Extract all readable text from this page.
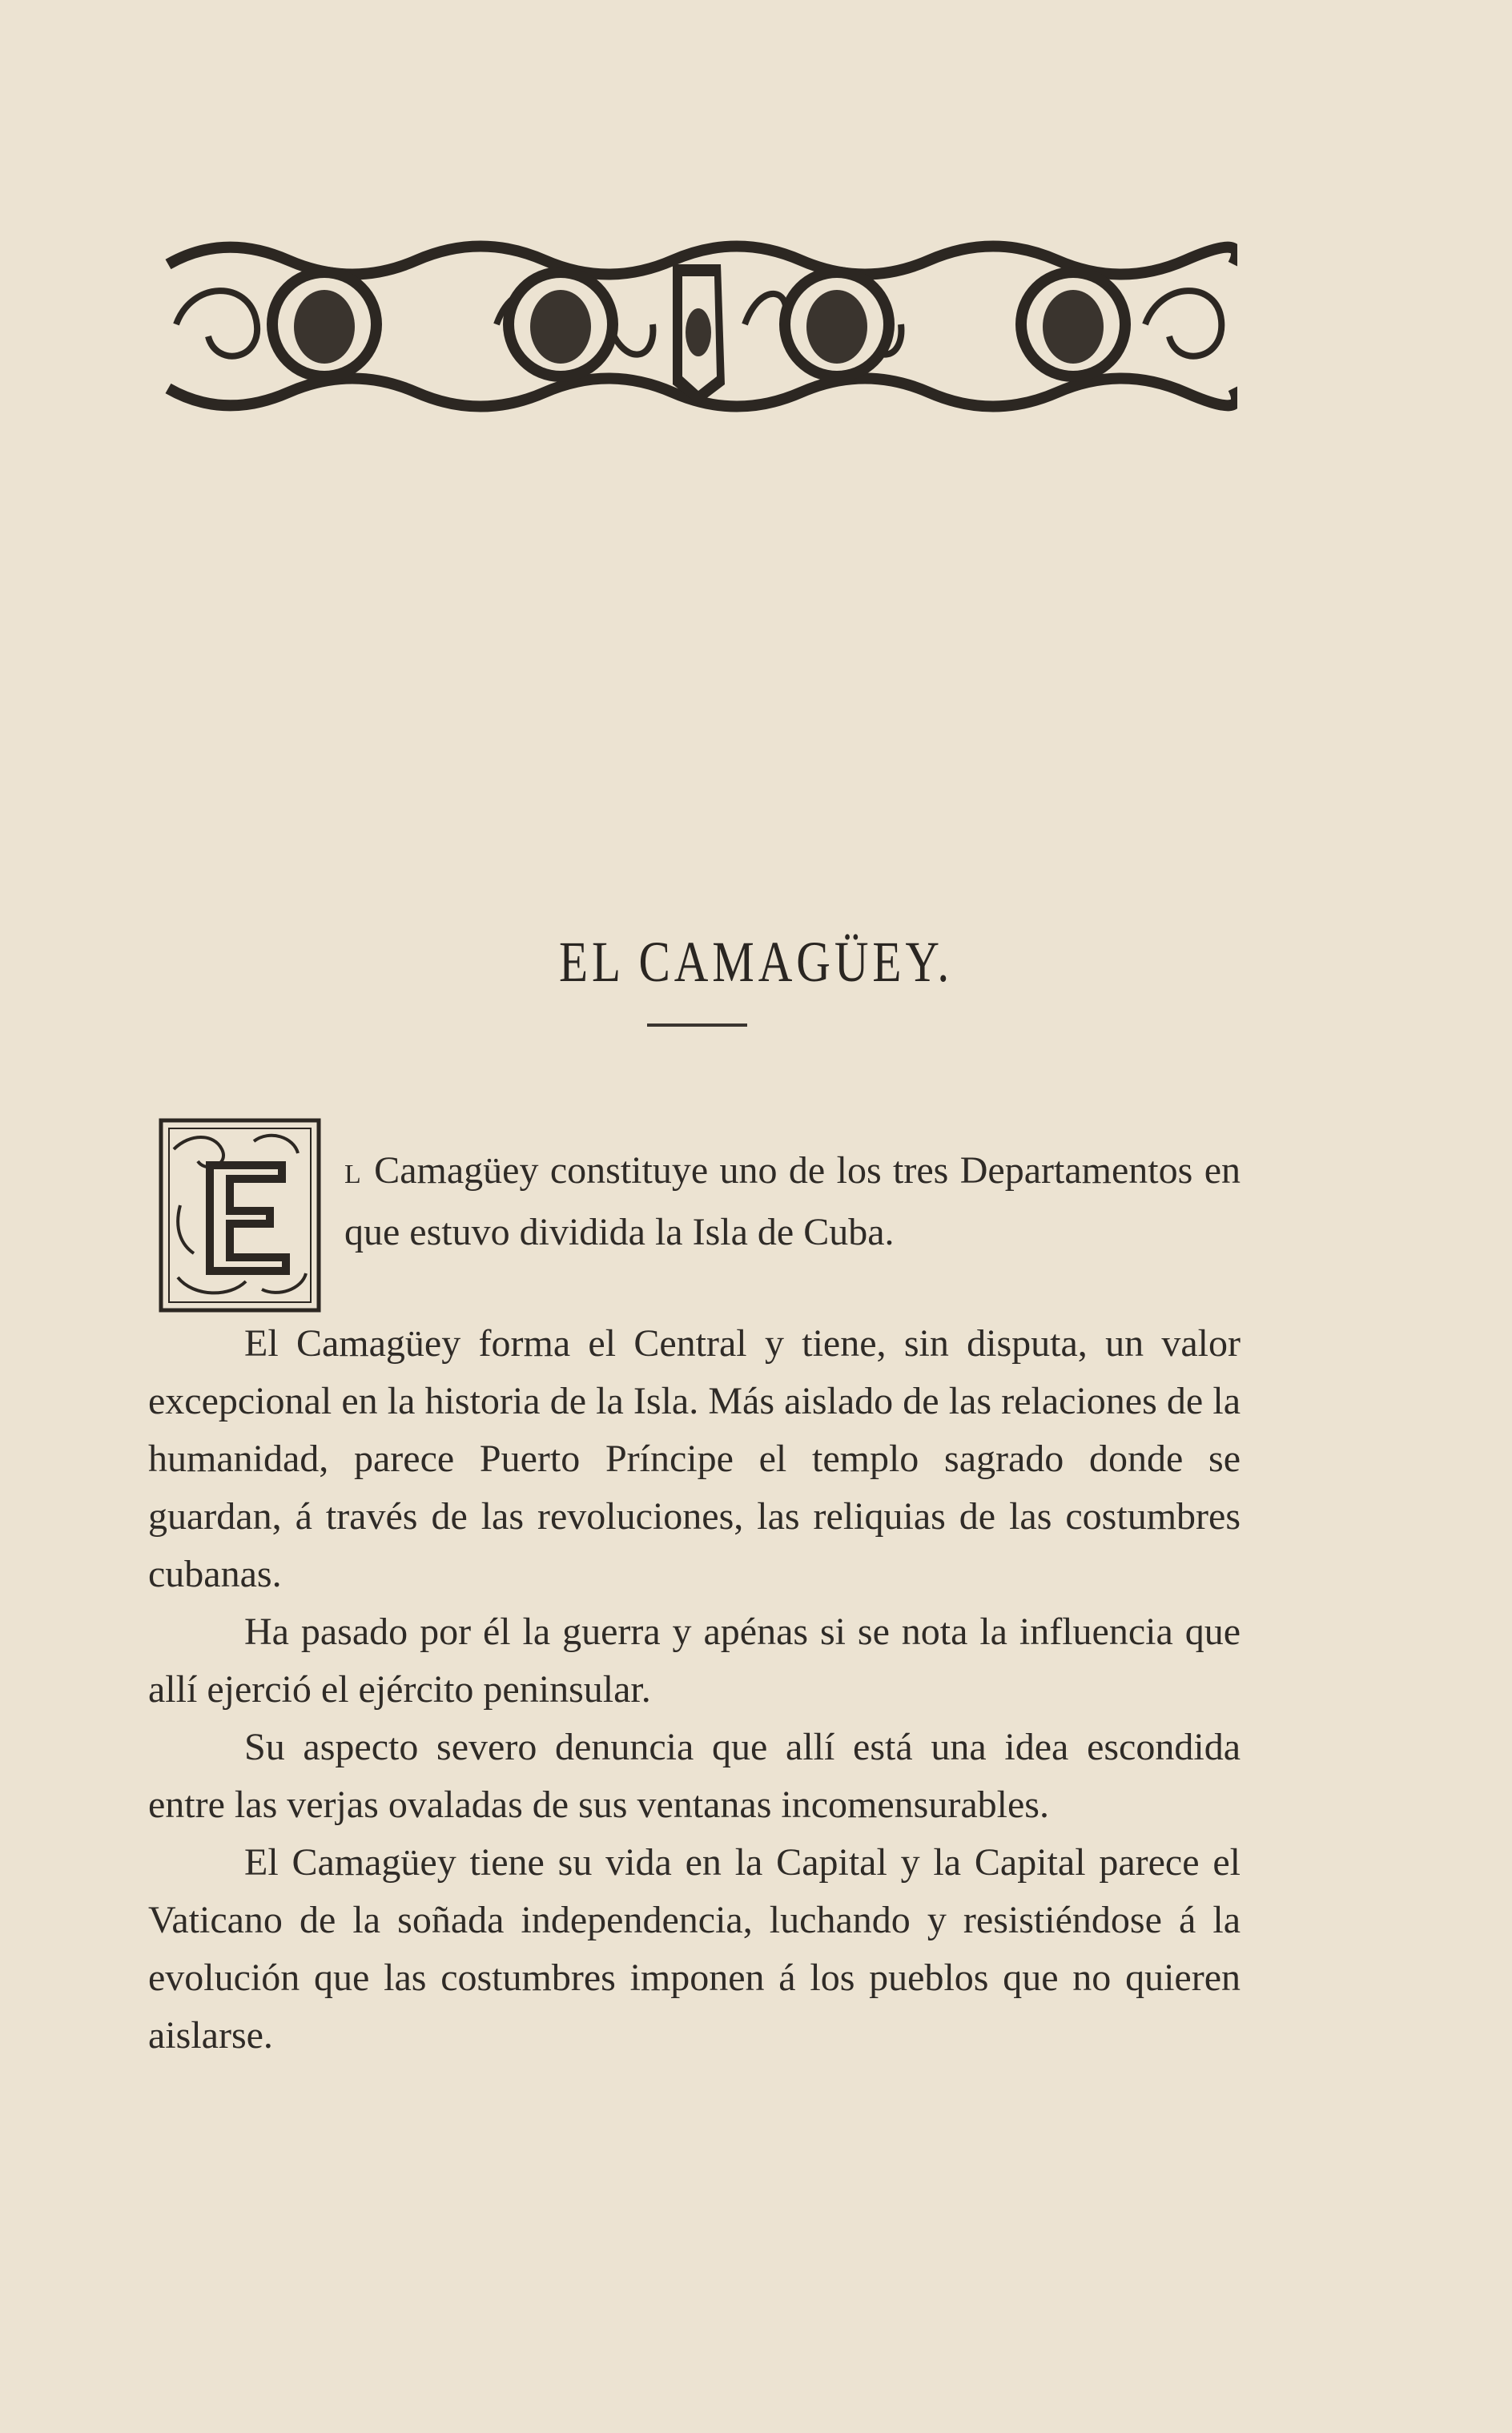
EL CAMAGÜEY.

L Camagüey constituye uno de los tres Departamentos en que estuvo dividida la Isla de Cuba.

El Camagüey forma el Central y tiene, sin disputa, un valor excepcional en la historia de la Isla. Más aislado de las relaciones de la humanidad, parece Puerto Príncipe el templo sagrado donde se guardan, á través de las revoluciones, las reliquias de las costumbres cubanas.

Ha pasado por él la guerra y apénas si se nota la influencia que allí ejerció el ejército peninsular.

Su aspecto severo denuncia que allí está una idea escondida entre las verjas ovaladas de sus ventanas incomensurables.

El Camagüey tiene su vida en la Capital y la Capital parece el Vaticano de la soñada independencia, luchando y resistiéndose á la evolución que las costumbres imponen á los pueblos que no quieren aislarse.
